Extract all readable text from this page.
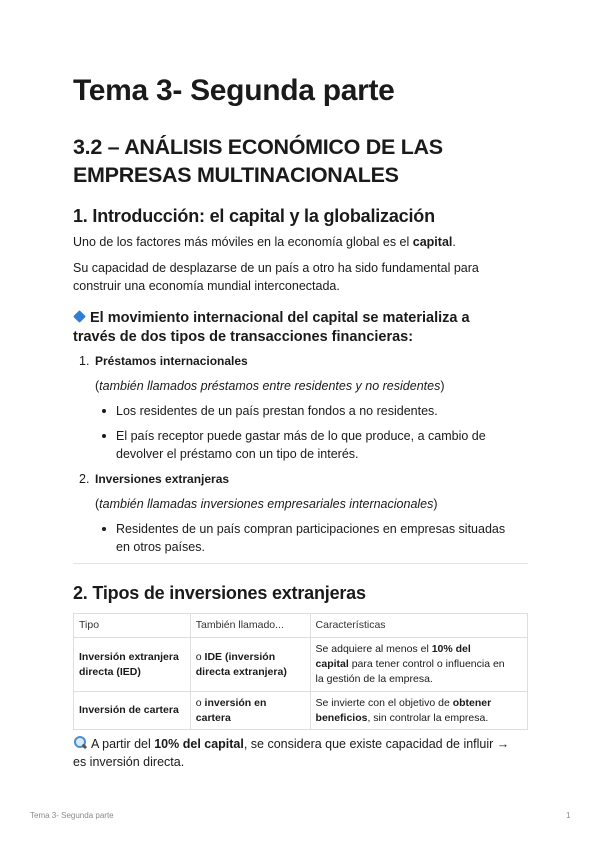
Tema 3- Segunda parte
3.2 – ANÁLISIS ECONÓMICO DE LAS
EMPRESAS MULTINACIONALES
1. Introducción: el capital y la globalización

Uno de los factores más móviles en la economía global es el capital.

Su capacidad de desplazarse de un país a otro ha sido fundamental para

construir una economía mundial interconectada.

El movimiento internacional del capital se materializa a
través de dos tipos de transacciones financieras:
1. Préstamos internacionales

(también llamados préstamos entre residentes y no residentes)

Los residentes de un país prestan fondos a no residentes.

El país receptor puede gastar más de lo que produce, a cambio de

devolver el préstamo con un tipo de interés.

2. Inversiones extranjeras

(también llamadas inversiones empresariales internacionales)

Residentes de un país compran participaciones en empresas situadas

en otros países.

2. Tipos de inversiones extranjeras
Tipo	También llamado...	Características
Inversión extranjera
directa (IED)	o IDE (inversión
directa extranjera)	Se adquiere al menos el 10% del
capital para tener control o influencia en
la gestión de la empresa.
Inversión de cartera	o inversión en
cartera	Se invierte con el objetivo de obtener
beneficios, sin controlar la empresa.

A partir del 10% del capital, se considera que existe capacidad de influir →

es inversión directa.

Tema 3- Segunda parte	1
